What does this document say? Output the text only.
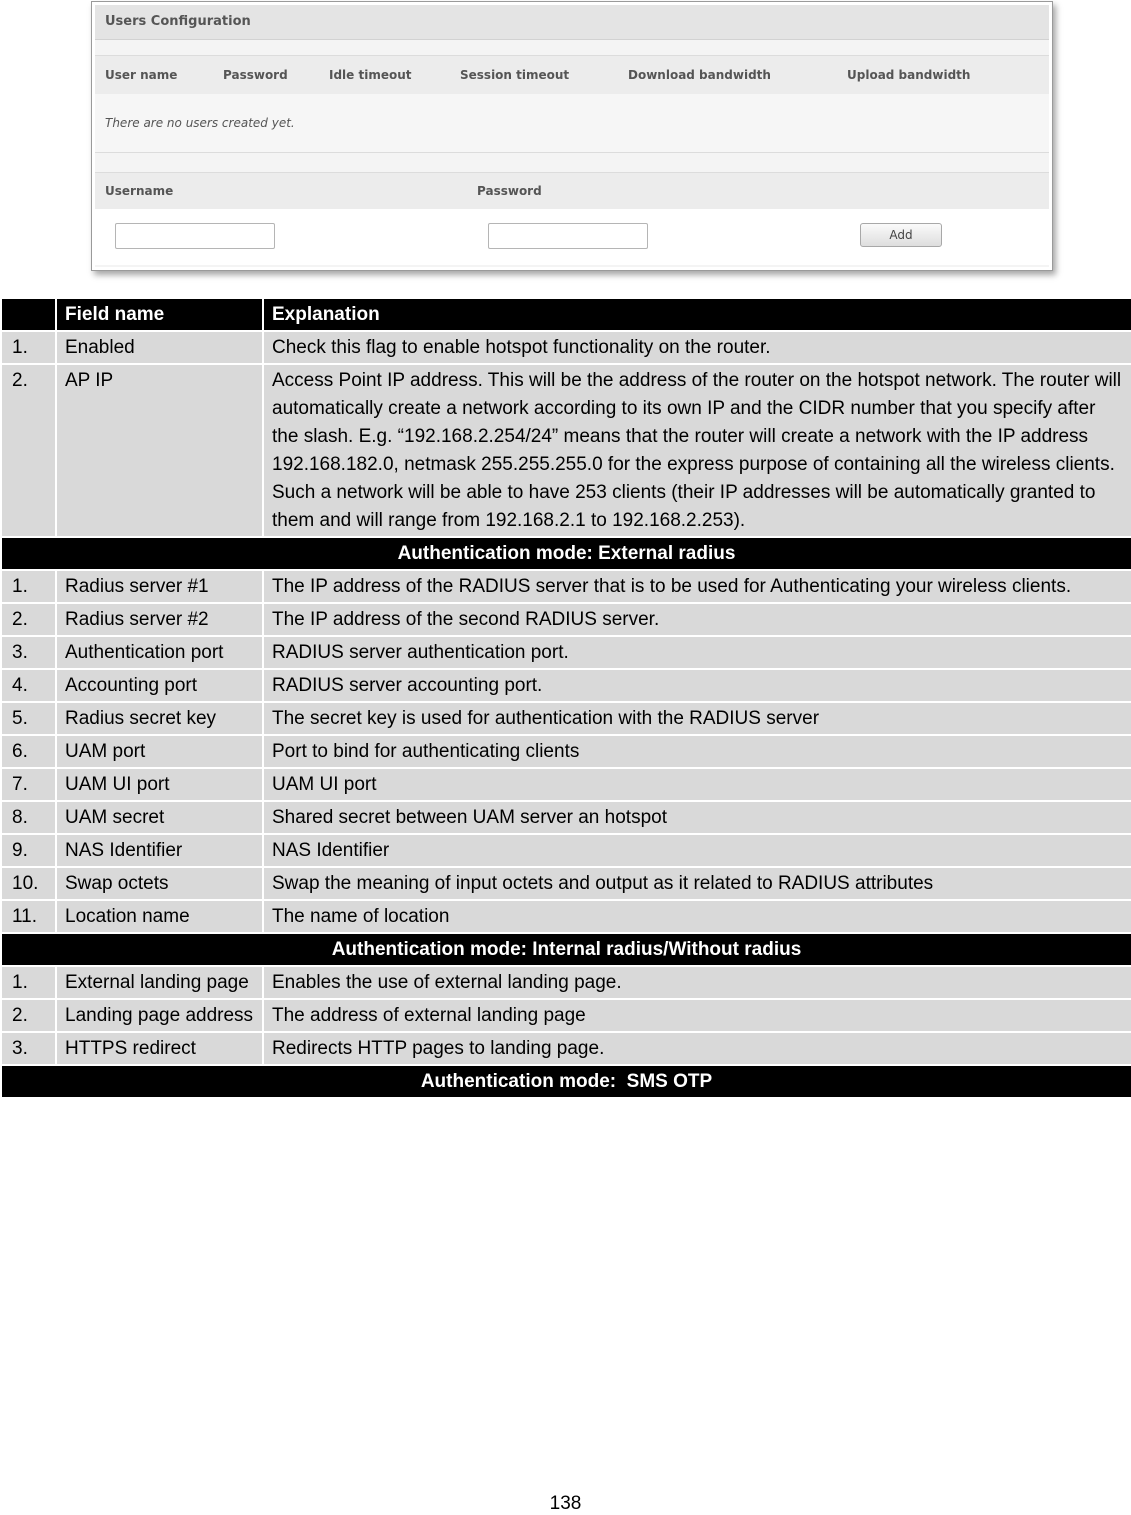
Users Configuration
User name	Password	Idle timeout	Session timeout	Download bandwidth	Upload bandwidth
There are no users created yet.
Username	Password
Add
	Field name	Explanation
1.	Enabled	Check this flag to enable hotspot functionality on the router.
2.	AP IP	Access Point IP address. This will be the address of the router on the hotspot network. The router will automatically create a network according to its own IP and the CIDR number that you specify after the slash. E.g. “192.168.2.254/24” means that the router will create a network with the IP address 192.168.182.0, netmask 255.255.255.0 for the express purpose of containing all the wireless clients. Such a network will be able to have 253 clients (their IP addresses will be automatically granted to them and will range from 192.168.2.1 to 192.168.2.253).
Authentication mode: External radius		
1.	Radius server #1	The IP address of the RADIUS server that is to be used for Authenticating your wireless clients.
2.	Radius server #2	The IP address of the second RADIUS server.
3.	Authentication port	RADIUS server authentication port.
4.	Accounting port	RADIUS server accounting port.
5.	Radius secret key	The secret key is used for authentication with the RADIUS server
6.	UAM port	Port to bind for authenticating clients
7.	UAM UI port	UAM UI port
8.	UAM secret	Shared secret between UAM server an hotspot
9.	NAS Identifier	NAS Identifier
10.	Swap octets	Swap the meaning of input octets and output as it related to RADIUS attributes
11.	Location name	The name of location
Authentication mode: Internal radius/Without radius		
1.	External landing page	Enables the use of external landing page.
2.	Landing page address	The address of external landing page
3.	HTTPS redirect	Redirects HTTP pages to landing page.
Authentication mode:  SMS OTP		
138
